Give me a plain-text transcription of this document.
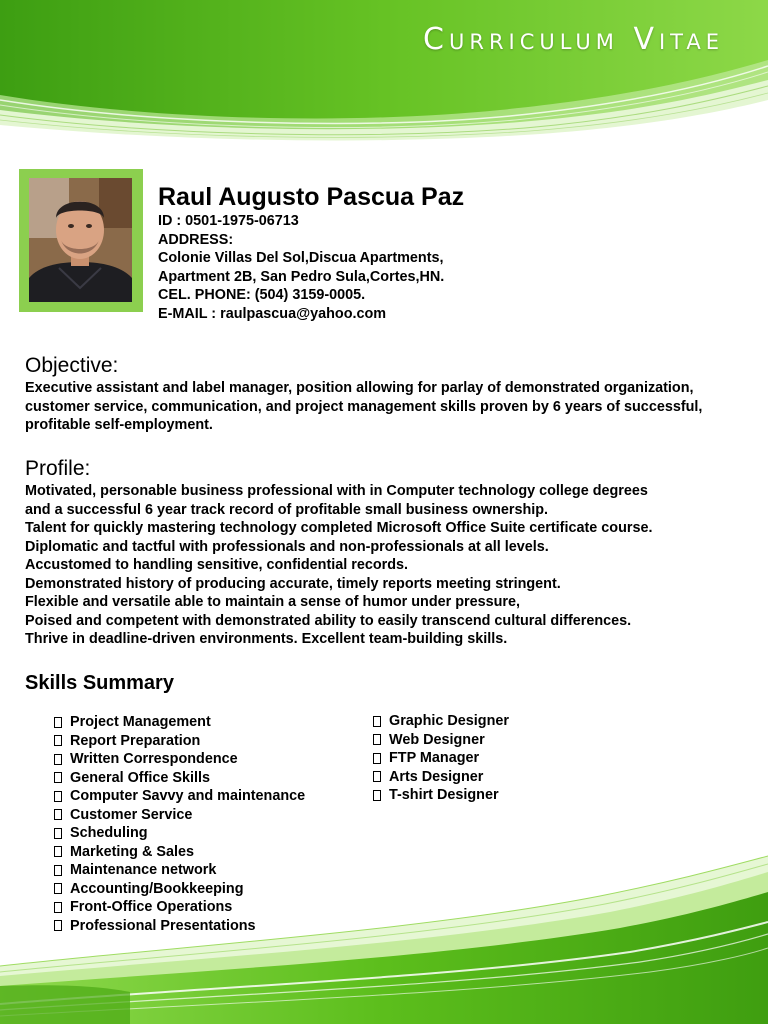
Curriculum Vitae
Raul Augusto Pascua Paz
ID : 0501-1975-06713
ADDRESS:
Colonie Villas Del Sol,Discua Apartments,
Apartment 2B, San Pedro Sula,Cortes,HN.
CEL. PHONE: (504) 3159-0005.
E-MAIL : raulpascua@yahoo.com
Objective:
Executive assistant and label manager, position allowing for parlay of demonstrated organization,
customer service, communication, and project management skills proven by 6 years of successful,
profitable self-employment.
Profile:
Motivated, personable business professional with in Computer technology college degrees
and a successful 6 year track record of profitable small business ownership.
Talent for quickly mastering technology completed Microsoft Office Suite certificate course.
Diplomatic and tactful with professionals and non-professionals at all levels.
Accustomed to handling sensitive, confidential records.
Demonstrated history of producing accurate, timely reports meeting stringent.
Flexible and versatile able to maintain a sense of humor under pressure,
Poised and competent with demonstrated ability to easily transcend cultural differences.
Thrive in deadline-driven environments. Excellent team-building skills.
Skills Summary
Project Management
Report Preparation
Written Correspondence
General Office Skills
Computer Savvy and maintenance
Customer Service
Scheduling
Marketing & Sales
Maintenance network
Accounting/Bookkeeping
Front-Office Operations
Professional Presentations
Graphic Designer
Web Designer
FTP Manager
Arts Designer
T-shirt Designer
